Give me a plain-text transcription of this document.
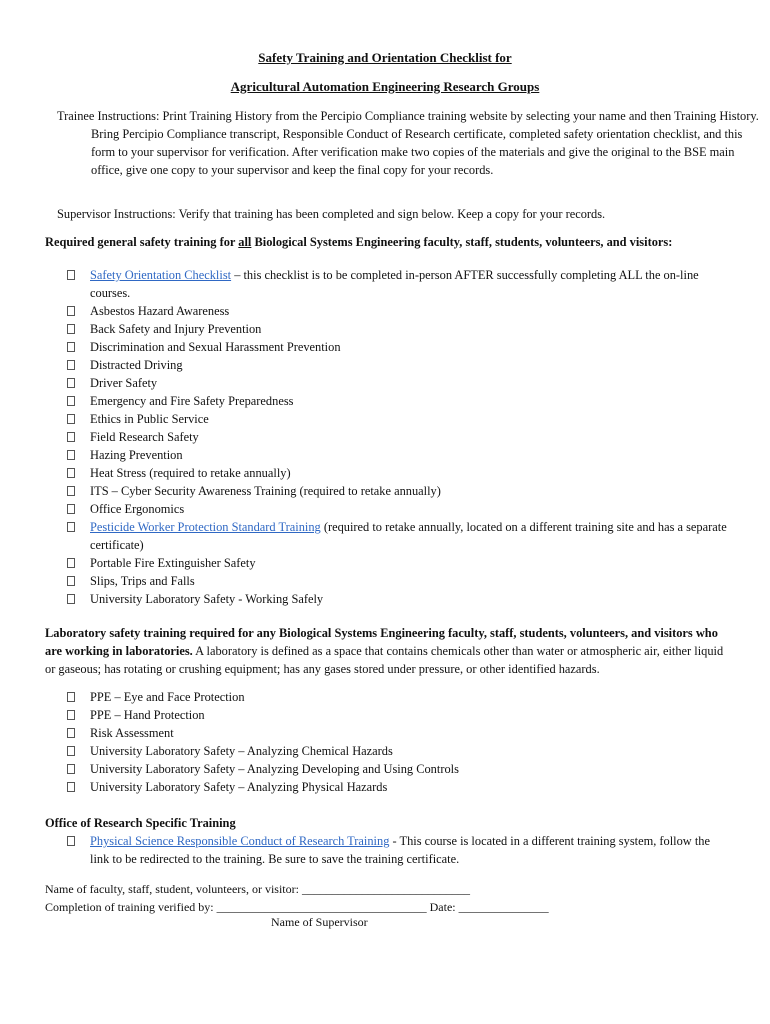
Safety Training and Orientation Checklist for

Agricultural Automation Engineering Research Groups

Trainee Instructions: Print Training History from the Percipio Compliance training website by selecting your name and then Training History. Bring Percipio Compliance transcript, Responsible Conduct of Research certificate, completed safety orientation checklist, and this form to your supervisor for verification. After verification make two copies of the materials and give the original to the BSE main office, give one copy to your supervisor and keep the final copy for your records.

Supervisor Instructions: Verify that training has been completed and sign below. Keep a copy for your records.

Required general safety training for all Biological Systems Engineering faculty, staff, students, volunteers, and visitors:

Safety Orientation Checklist – this checklist is to be completed in-person AFTER successfully completing ALL the on-line courses.
Asbestos Hazard Awareness
Back Safety and Injury Prevention
Discrimination and Sexual Harassment Prevention
Distracted Driving
Driver Safety
Emergency and Fire Safety Preparedness
Ethics in Public Service
Field Research Safety
Hazing Prevention
Heat Stress (required to retake annually)
ITS – Cyber Security Awareness Training (required to retake annually)
Office Ergonomics
Pesticide Worker Protection Standard Training (required to retake annually, located on a different training site and has a separate certificate)
Portable Fire Extinguisher Safety
Slips, Trips and Falls
University Laboratory Safety - Working Safely

Laboratory safety training required for any Biological Systems Engineering faculty, staff, students, volunteers, and visitors who are working in laboratories. A laboratory is defined as a space that contains chemicals other than water or atmospheric air, either liquid or gaseous; has rotating or crushing equipment; has any gases stored under pressure, or other identified hazards.

PPE – Eye and Face Protection
PPE – Hand Protection
Risk Assessment
University Laboratory Safety – Analyzing Chemical Hazards
University Laboratory Safety – Analyzing Developing and Using Controls
University Laboratory Safety – Analyzing Physical Hazards

Office of Research Specific Training

Physical Science Responsible Conduct of Research Training - This course is located in a different training system, follow the link to be redirected to the training. Be sure to save the training certificate.

Name of faculty, staff, student, volunteers, or visitor: ____________________________

Completion of training verified by: ___________________________________ Date: _______________

Name of Supervisor
